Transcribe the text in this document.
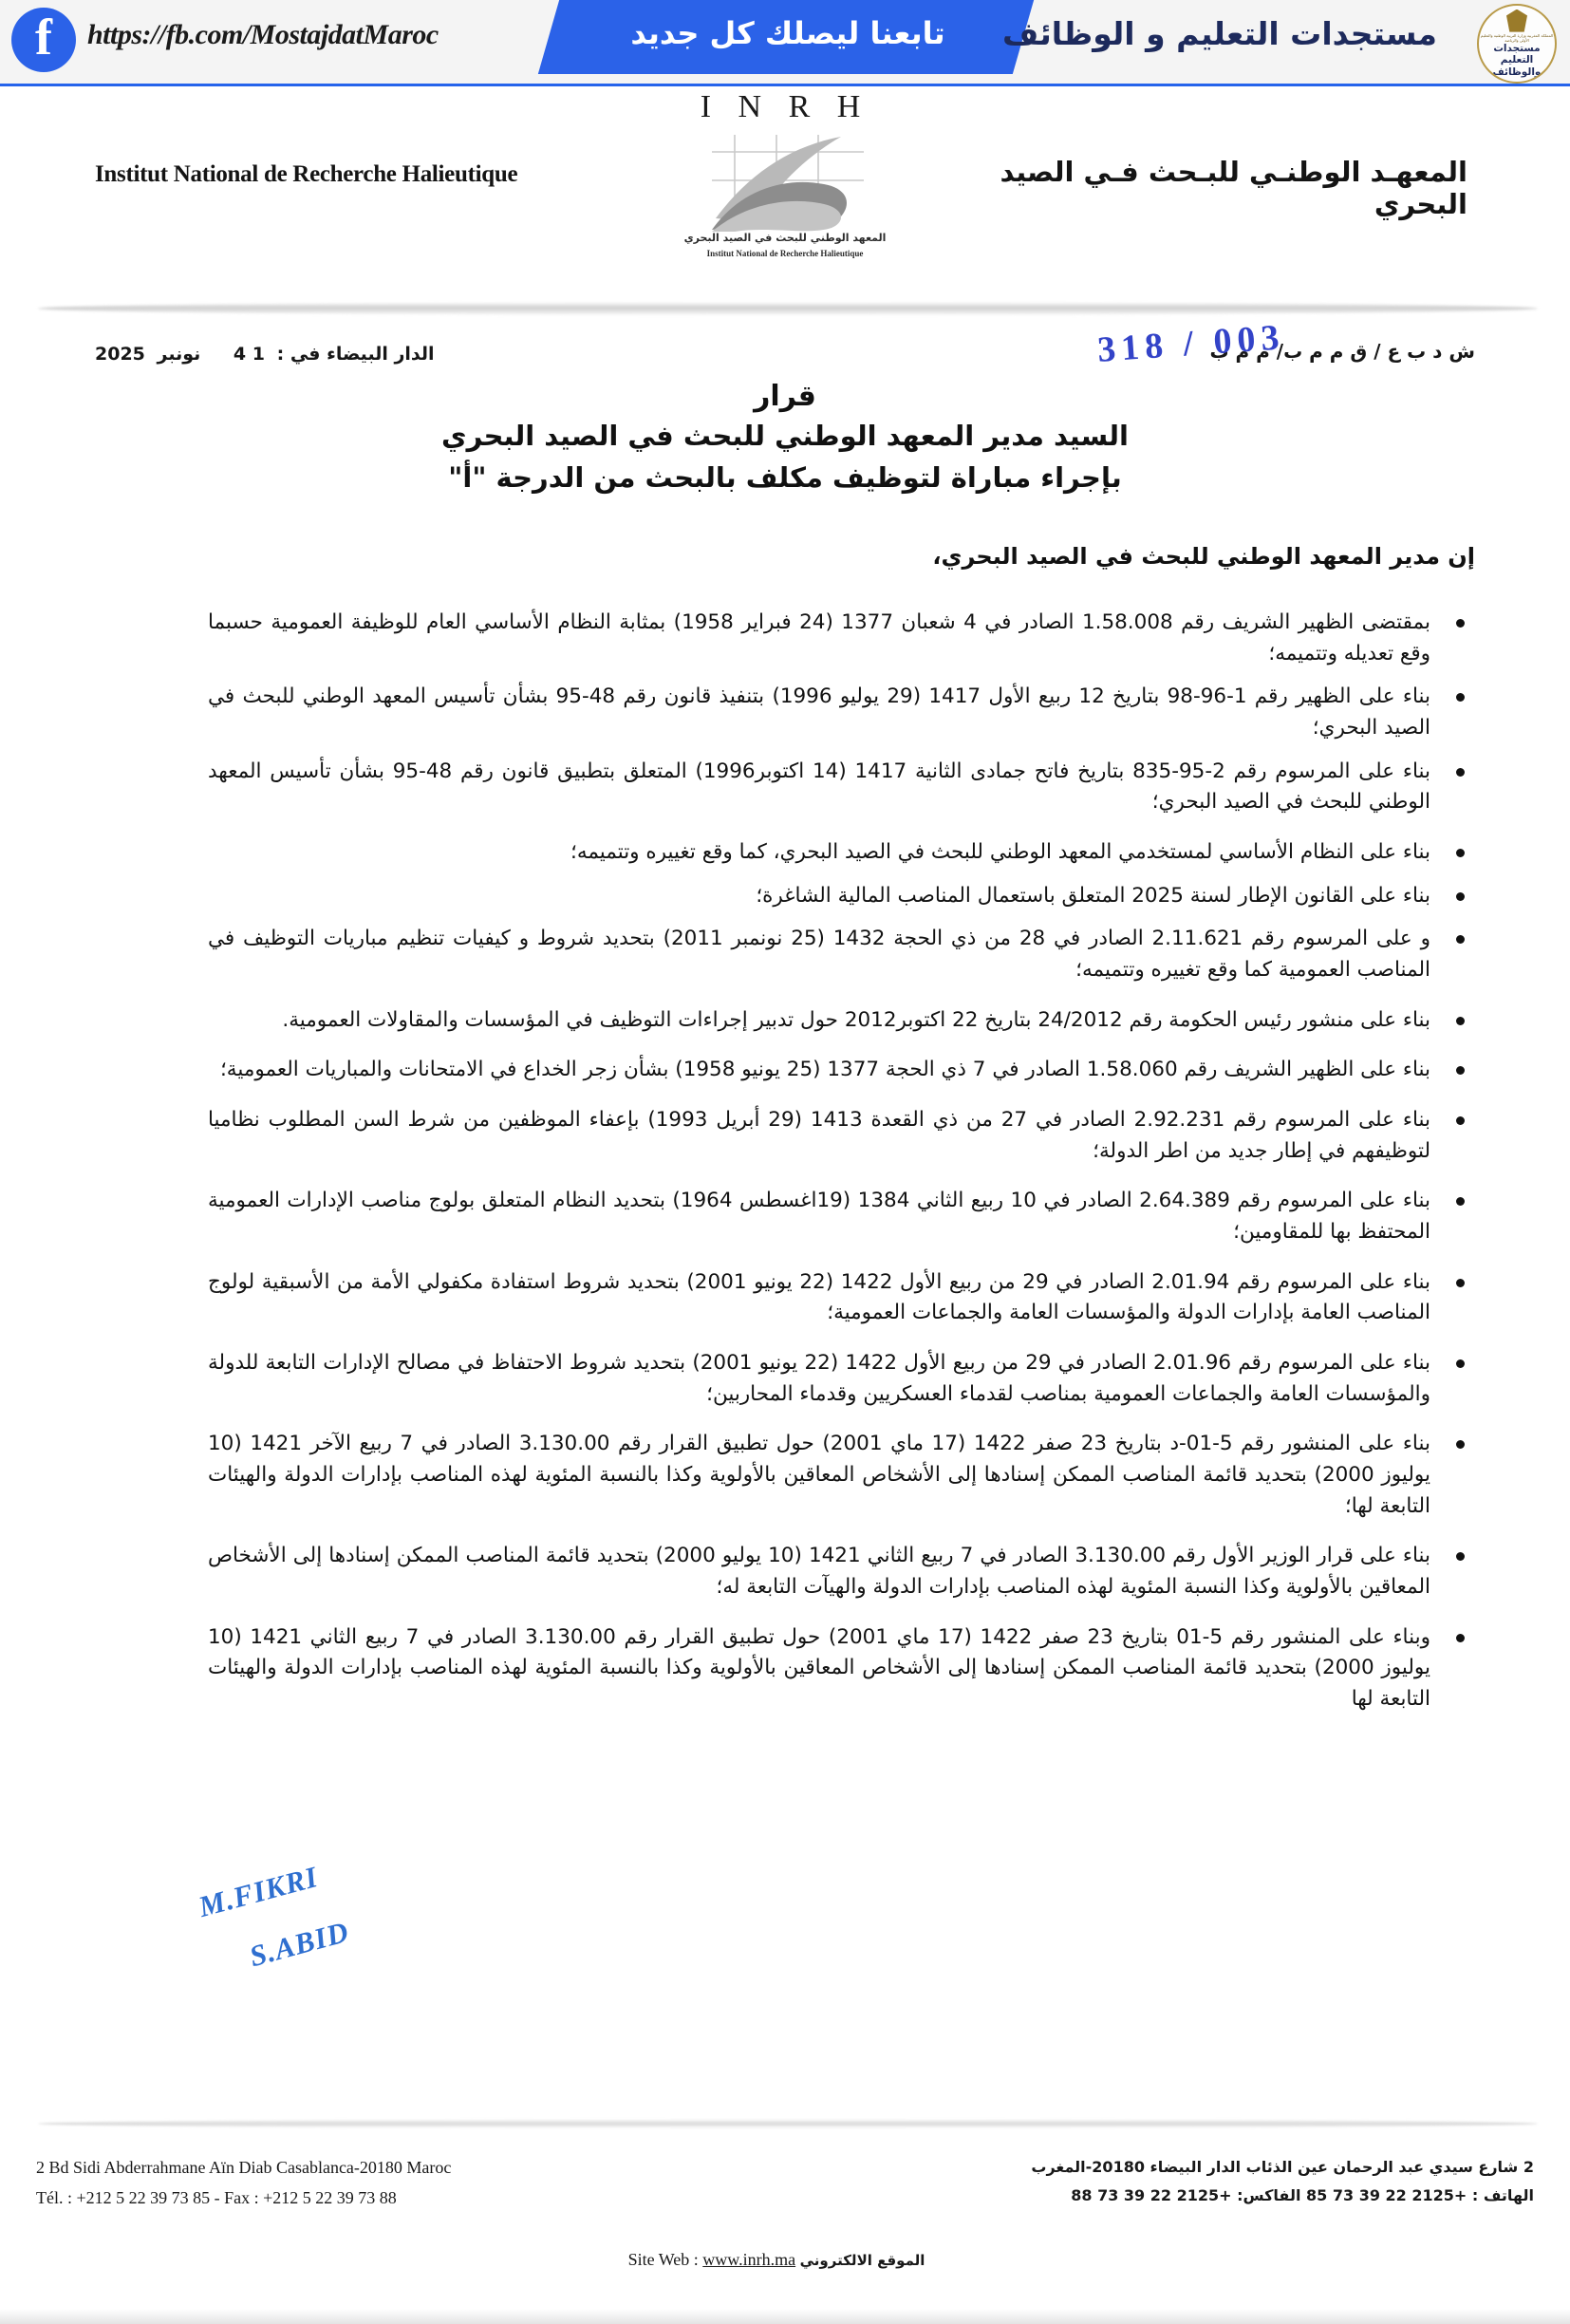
f https://fb.com/MostajdatMaroc	تابعنا ليصلك كل جديد	مستجدات التعليم و الوظائف	المملكة المغربية وزارة التربية الوطنية والتعليم الأولي والرياضة
مستجدات التعليم
والوظائف
Institut National de Recherche Halieutique	المعهـد الوطنـي للبـحث فـي الصيد البحري
I N R H
المعهد الوطني للبحث في الصيد البحري
Institut National de Recherche Halieutique
ش د ب ع / ق م م ب/ م م ب
318 / 003
الدار البيضاء في : 1 4 نونبر 2025
قرار
السيد مدير المعهد الوطني للبحث في الصيد البحري
بإجراء مباراة لتوظيف مكلف بالبحث من الدرجة "أ"
إن مدير المعهد الوطني للبحث في الصيد البحري،
بمقتضى الظهير الشريف رقم 1.58.008 الصادر في 4 شعبان 1377 (24 فبراير 1958) بمثابة النظام الأساسي العام للوظيفة العمومية حسبما وقع تعديله وتتميمه؛
بناء على الظهير رقم 1-96-98 بتاريخ 12 ربيع الأول 1417 (29 يوليو 1996) بتنفيذ قانون رقم 48-95 بشأن تأسيس المعهد الوطني للبحث في الصيد البحري؛
بناء على المرسوم رقم 2-95-835 بتاريخ فاتح جمادى الثانية 1417 (14 اكتوبر1996) المتعلق بتطبيق قانون رقم 48-95 بشأن تأسيس المعهد الوطني للبحث في الصيد البحري؛
بناء على النظام الأساسي لمستخدمي المعهد الوطني للبحث في الصيد البحري، كما وقع تغييره وتتميمه؛
بناء على القانون الإطار لسنة 2025 المتعلق باستعمال المناصب المالية الشاغرة؛
و على المرسوم رقم 2.11.621 الصادر في 28 من ذي الحجة 1432 (25 نونمبر 2011) بتحديد شروط و كيفيات تنظيم مباريات التوظيف في المناصب العمومية كما وقع تغييره وتتميمه؛
بناء على منشور رئيس الحكومة رقم 24/2012 بتاريخ 22 اكتوبر2012 حول تدبير إجراءات التوظيف في المؤسسات والمقاولات العمومية.
بناء على الظهير الشريف رقم 1.58.060 الصادر في 7 ذي الحجة 1377 (25 يونيو 1958) بشأن زجر الخداع في الامتحانات والمباريات العمومية؛
بناء على المرسوم رقم 2.92.231 الصادر في 27 من ذي القعدة 1413 (29 أبريل 1993) بإعفاء الموظفين من شرط السن المطلوب نظاميا لتوظيفهم في إطار جديد من اطر الدولة؛
بناء على المرسوم رقم 2.64.389 الصادر في 10 ربيع الثاني 1384 (19اغسطس 1964) بتحديد النظام المتعلق بولوج مناصب الإدارات العمومية المحتفظ بها للمقاومين؛
بناء على المرسوم رقم 2.01.94 الصادر في 29 من ربيع الأول 1422 (22 يونيو 2001) بتحديد شروط استفادة مكفولي الأمة من الأسبقية لولوج المناصب العامة بإدارات الدولة والمؤسسات العامة والجماعات العمومية؛
بناء على المرسوم رقم 2.01.96 الصادر في 29 من ربيع الأول 1422 (22 يونيو 2001) بتحديد شروط الاحتفاظ في مصالح الإدارات التابعة للدولة والمؤسسات العامة والجماعات العمومية بمناصب لقدماء العسكريين وقدماء المحاربين؛
بناء على المنشور رقم 5-01-د بتاريخ 23 صفر 1422 (17 ماي 2001) حول تطبيق القرار رقم 3.130.00 الصادر في 7 ربيع الآخر 1421 (10 يوليوز 2000) بتحديد قائمة المناصب الممكن إسنادها إلى الأشخاص المعاقين بالأولوية وكذا بالنسبة المئوية لهذه المناصب بإدارات الدولة والهيئات التابعة لها؛
بناء على قرار الوزير الأول رقم 3.130.00 الصادر في 7 ربيع الثاني 1421 (10 يوليو 2000) بتحديد قائمة المناصب الممكن إسنادها إلى الأشخاص المعاقين بالأولوية وكذا النسبة المئوية لهذه المناصب بإدارات الدولة والهيآت التابعة له؛
وبناء على المنشور رقم 5-01 بتاريخ 23 صفر 1422 (17 ماي 2001) حول تطبيق القرار رقم 3.130.00 الصادر في 7 ربيع الثاني 1421 (10 يوليوز 2000) بتحديد قائمة المناصب الممكن إسنادها إلى الأشخاص المعاقين بالأولوية وكذا بالنسبة المئوية لهذه المناصب بإدارات الدولة والهيئات التابعة لها
M.FIKRI
S.ABID
2 Bd Sidi Abderrahmane Aïn Diab Casablanca-20180 Maroc
Tél. : +212 5 22 39 73 85 - Fax : +212 5 22 39 73 88
2 شارع سيدي عبد الرحمان عين الذئاب الدار البيضاء 20180-المغرب
الهاتف : +2125 22 39 73 85 الفاكس: +2125 22 39 73 88
Site Web : www.inrh.ma الموقع الالكتروني
